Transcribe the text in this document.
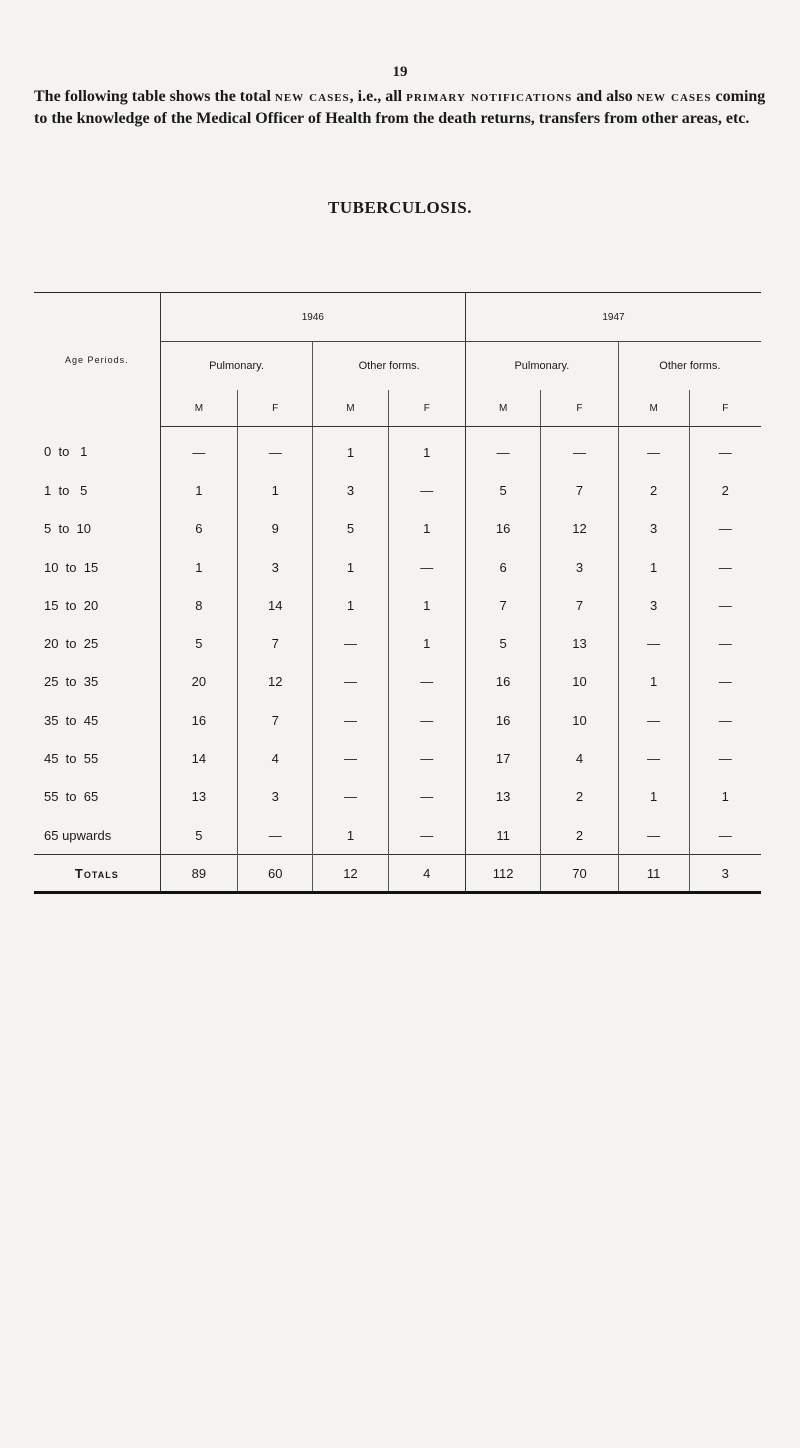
19
The following table shows the total new cases, i.e., all primary notifications and also new cases coming to the knowledge of the Medical Officer of Health from the death returns, transfers from other areas, etc.
TUBERCULOSIS.
Age Periods.	1946				1947			
	Pulmonary.		Other forms.		Pulmonary.		Other forms.	
	M	F	M	F	M	F	M	F
0  to   1	—	—	1	1	—	—	—	—
1  to   5	1	1	3	—	5	7	2	2
5  to  10	6	9	5	1	16	12	3	—
10  to  15	1	3	1	—	6	3	1	—
15  to  20	8	14	1	1	7	7	3	—
20  to  25	5	7	—	1	5	13	—	—
25  to  35	20	12	—	—	16	10	1	—
35  to  45	16	7	—	—	16	10	—	—
45  to  55	14	4	—	—	17	4	—	—
55  to  65	13	3	—	—	13	2	1	1
65 upwards	5	—	1	—	11	2	—	—
Totals	89	60	12	4	112	70	11	3
